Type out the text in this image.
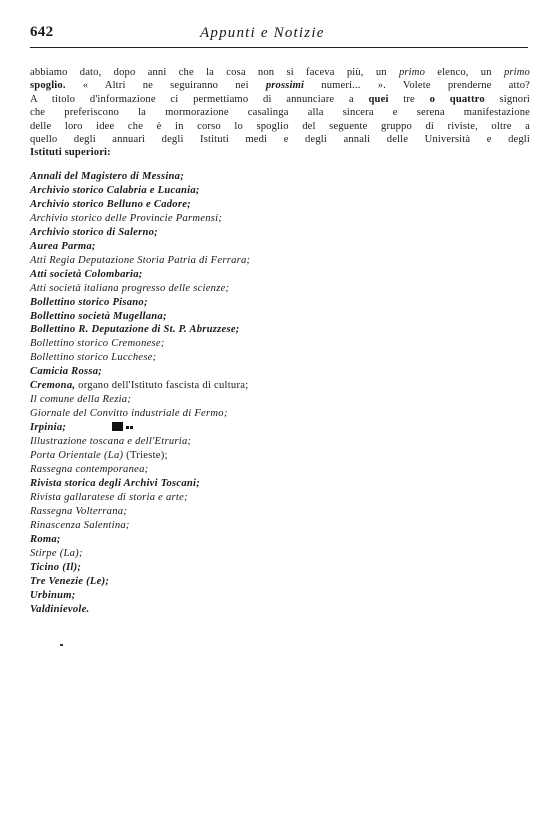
642	Appunti e Notizie

abbiamo dato, dopo anni che la cosa non si faceva più, un primo elenco, un primo
spoglio. « Altri ne seguiranno nei prossimi numeri... ». Volete prenderne atto?
A titolo d'informazione ci permettiamo di annunciare a quei tre o quattro signori
che preferiscono la mormorazione casalinga alla sincera e serena manifestazione
delle loro idee che è in corso lo spoglio del seguente gruppo di riviste, oltre a
quello degli annuari degli Istituti medi e degli annali delle Università e degli
Istituti superiori:

Annali del Magistero di Messina;
Archivio storico Calabria e Lucania;
Archivio storico Belluno e Cadore;
Archivio storico delle Provincie Parmensi;
Archivio storico di Salerno;
Aurea Parma;
Atti Regia Deputazione Storia Patria di Ferrara;
Atti società Colombaria;
Atti società italiana progresso delle scienze;
Bollettino storico Pisano;
Bollettino società Mugellana;
Bollettino R. Deputazione di St. P. Abruzzese;
Bollettino storico Cremonese;
Bollettino storico Lucchese;
Camicia Rossa;
Cremona, organo dell'Istituto fascista di cultura;
Il comune della Rezia;
Giornale del Convitto industriale di Fermo;
Irpinia;
Illustrazione toscana e dell'Etruria;
Porta Orientale (La) (Trieste);
Rassegna contemporanea;
Rivista storica degli Archivi Toscani;
Rivista gallaratese di storia e arte;
Rassegna Volterrana;
Rinascenza Salentina;
Roma;
Stirpe (La);
Ticino (Il);
Tre Venezie (Le);
Urbinum;
Valdinievole.
